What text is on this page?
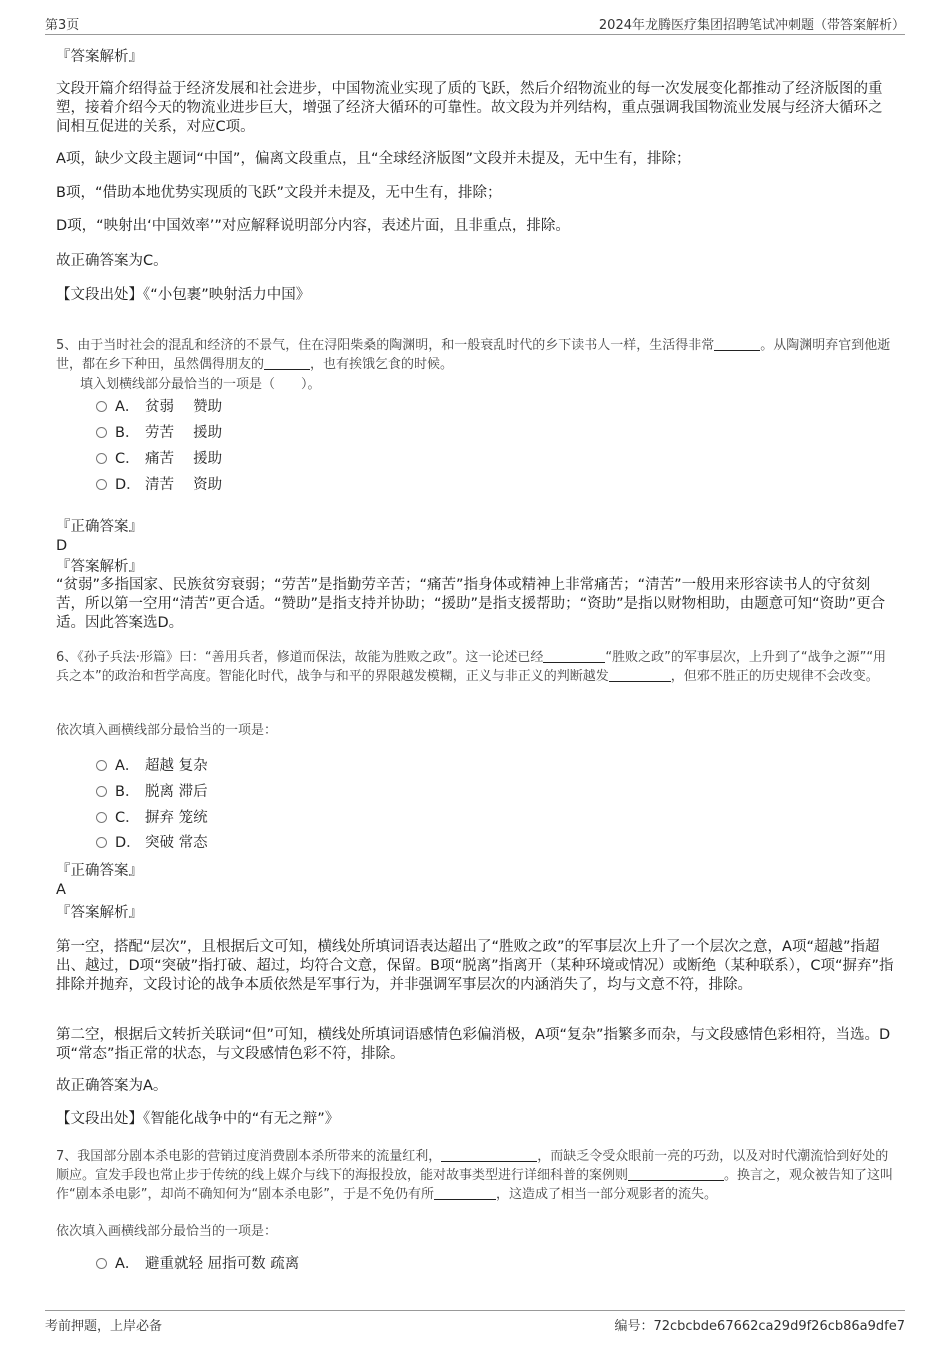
第3页	2024年龙腾医疗集团招聘笔试冲刺题（带答案解析）
『答案解析』
文段开篇介绍得益于经济发展和社会进步，中国物流业实现了质的飞跃，然后介绍物流业的每一次发展变化都推动了经济版图的重塑，接着介绍今天的物流业进步巨大，增强了经济大循环的可靠性。故文段为并列结构，重点强调我国物流业发展与经济大循环之间相互促进的关系，对应C项。
A项，缺少文段主题词“中国”，偏离文段重点，且“全球经济版图”文段并未提及，无中生有，排除；
B项，“借助本地优势实现质的飞跃”文段并未提及，无中生有，排除；
D项，“映射出‘中国效率’”对应解释说明部分内容，表述片面，且非重点，排除。
故正确答案为C。
【文段出处】《“小包裹”映射活力中国》
5、由于当时社会的混乱和经济的不景气，住在浔阳柴桑的陶渊明，和一般衰乱时代的乡下读书人一样，生活得非常	。从陶渊明弃官到他逝世，都在乡下种田，虽然偶得朋友的	，也有挨饿乞食的时候。
填入划横线部分最恰当的一项是（　　）。
A． 贫弱　 赞助
B． 劳苦　 援助
C． 痛苦　 援助
D． 清苦　 资助
『正确答案』
D
『答案解析』
“贫弱”多指国家、民族贫穷衰弱；“劳苦”是指勤劳辛苦；“痛苦”指身体或精神上非常痛苦；“清苦”一般用来形容读书人的守贫刻苦，所以第一空用“清苦”更合适。“赞助”是指支持并协助；“援助”是指支援帮助；“资助”是指以财物相助，由题意可知“资助”更合适。因此答案选D。
6、《孙子兵法·形篇》曰：“善用兵者，修道而保法，故能为胜败之政”。这一论述已经	“胜败之政”的军事层次，上升到了“战争之源”“用兵之本”的政治和哲学高度。智能化时代，战争与和平的界限越发模糊，正义与非正义的判断越发	，但邪不胜正的历史规律不会改变。
依次填入画横线部分最恰当的一项是：
A． 超越 复杂
B． 脱离 滞后
C． 摒弃 笼统
D． 突破 常态
『正确答案』
A
『答案解析』
第一空，搭配“层次”，且根据后文可知，横线处所填词语表达超出了“胜败之政”的军事层次上升了一个层次之意，A项“超越”指超出、越过，D项“突破”指打破、超过，均符合文意，保留。B项“脱离”指离开（某种环境或情况）或断绝（某种联系），C项“摒弃”指排除并抛弃，文段讨论的战争本质依然是军事行为，并非强调军事层次的内涵消失了，均与文意不符，排除。
第二空，根据后文转折关联词“但”可知，横线处所填词语感情色彩偏消极，A项“复杂”指繁多而杂，与文段感情色彩相符，当选。D项“常态”指正常的状态，与文段感情色彩不符，排除。
故正确答案为A。
【文段出处】《智能化战争中的“有无之辩”》
7、我国部分剧本杀电影的营销过度消费剧本杀所带来的流量红利，	，而缺乏令受众眼前一亮的巧劲，以及对时代潮流恰到好处的顺应。宣发手段也常止步于传统的线上媒介与线下的海报投放，能对故事类型进行详细科普的案例则	。换言之，观众被告知了这叫作“剧本杀电影”，却尚不确知何为“剧本杀电影”，于是不免仍有所	，这造成了相当一部分观影者的流失。
依次填入画横线部分最恰当的一项是：
A． 避重就轻 屈指可数 疏离
考前押题，上岸必备	编号：72cbcbde67662ca29d9f26cb86a9dfe7
